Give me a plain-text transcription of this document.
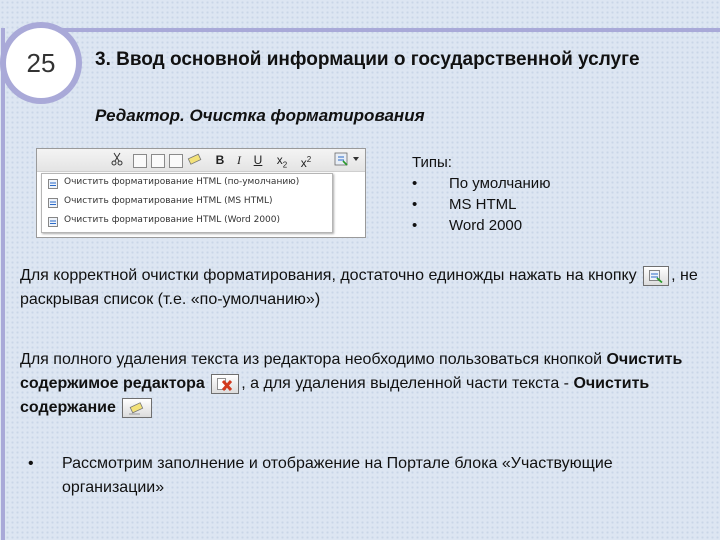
25	3. Ввод основной информации о государственной услуге
Редактор. Очистка форматирования
B	I	U	$x_2$	$x^2$
Очистить форматирование HTML (по-умолчанию)
Очистить форматирование HTML (MS HTML)
Очистить форматирование HTML (Word 2000)
Типы:
•	По умолчанию
•	MS HTML
•	Word 2000
Для корректной очистки форматирования, достаточно единожды нажать на кнопку , не раскрывая список (т.е. «по-умолчанию»)
Для полного удаления текста из редактора необходимо пользоваться кнопкой Очистить содержимое редактора , а для удаления выделенной части текста - Очистить содержание
• Рассмотрим заполнение и отображение на Портале блока «Участвующие организации»
